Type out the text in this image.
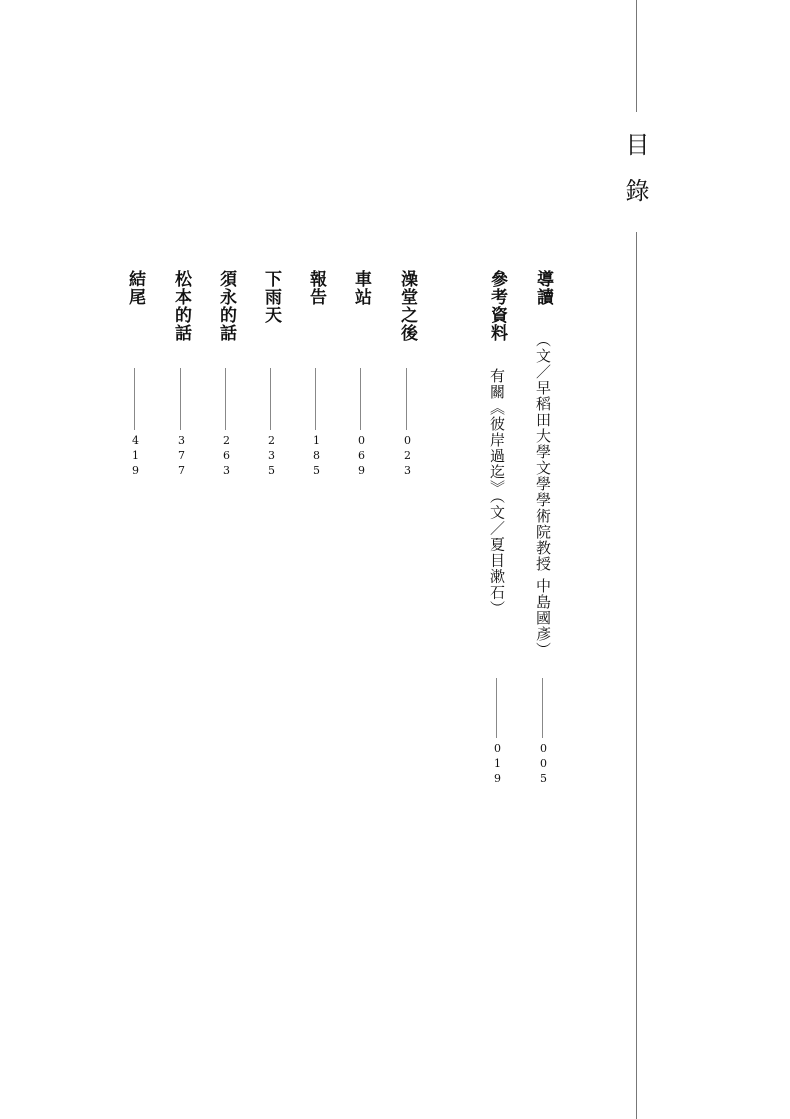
目錄
導讀
（文／早稻田大學文學學術院教授 中島國彥）
005
參考資料
有關《彼岸過迄》（文／夏目漱石）
019
澡堂之後
023
車站
069
報告
185
下雨天
235
須永的話
263
松本的話
377
結尾
419
